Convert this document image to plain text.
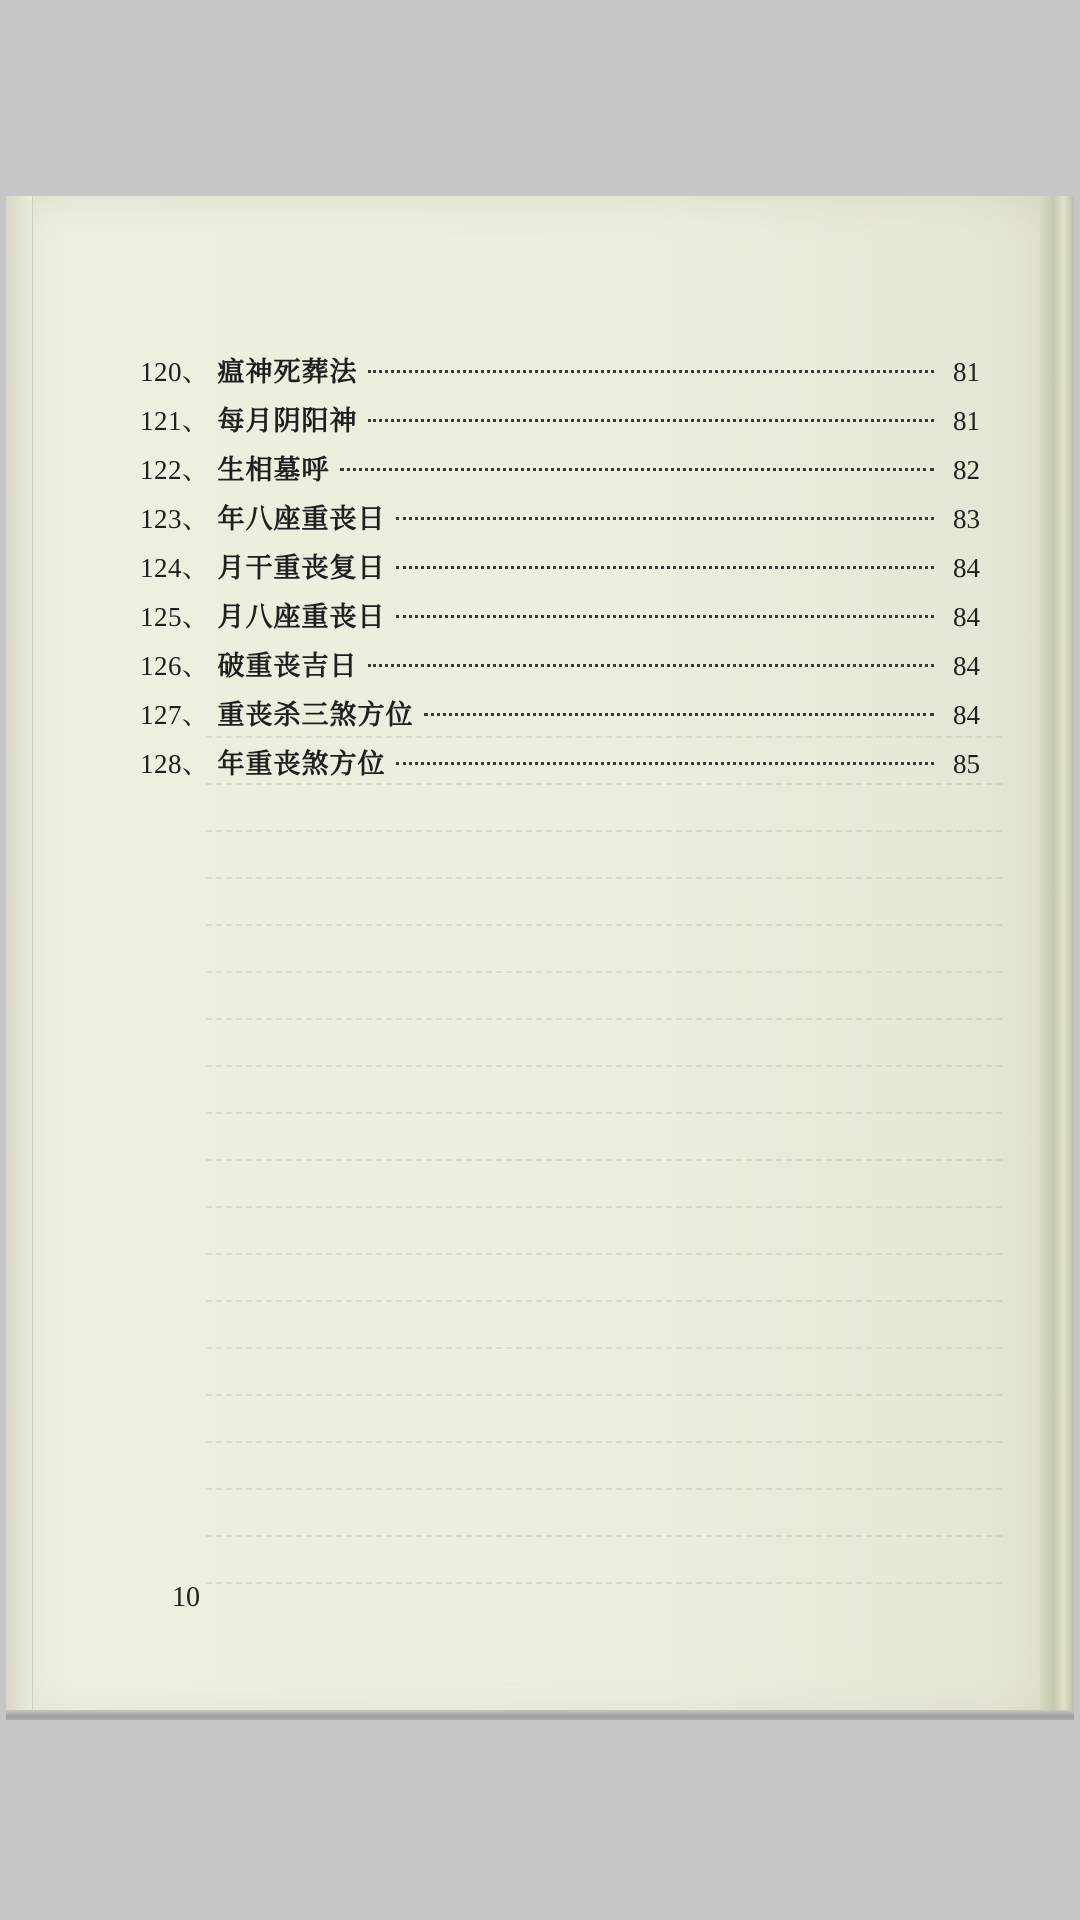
120、 瘟神死葬法	81
121、 每月阴阳神	81
122、 生相墓呼	82
123、 年八座重丧日	83
124、 月干重丧复日	84
125、 月八座重丧日	84
126、 破重丧吉日	84
127、 重丧杀三煞方位	84
128、 年重丧煞方位	85
10
